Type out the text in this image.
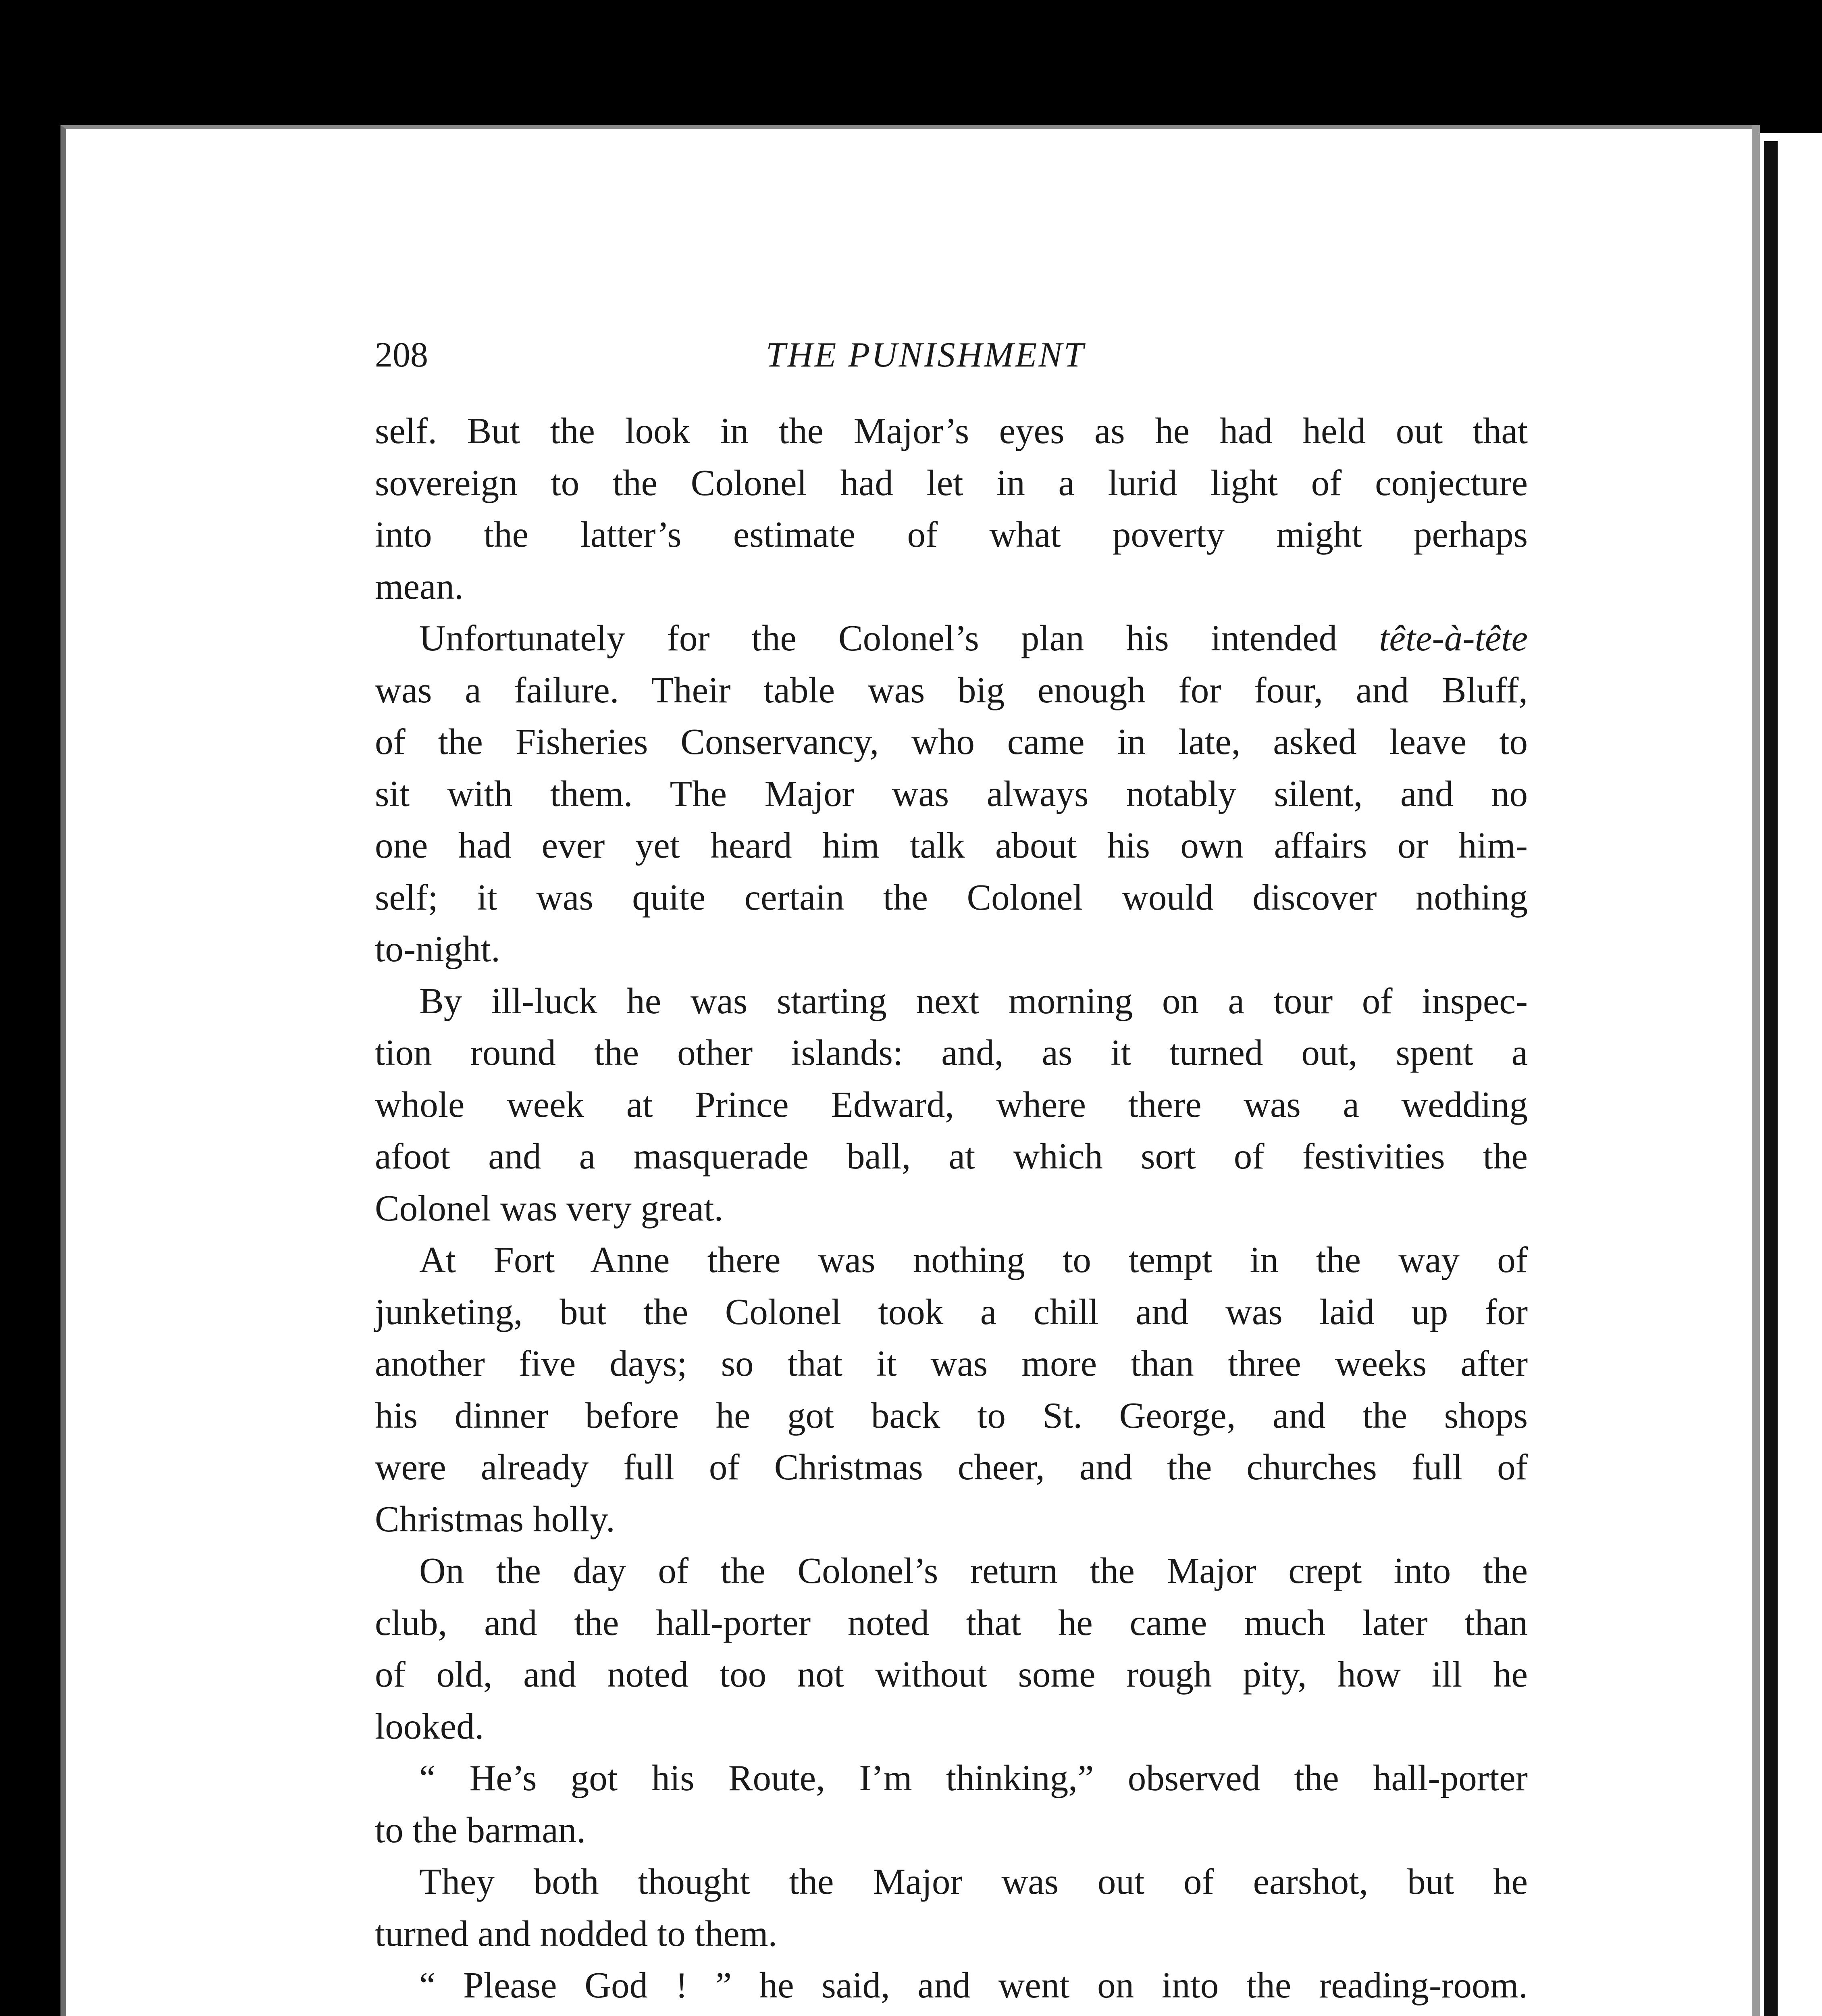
208	THE PUNISHMENT
self. But the look in the Major’s eyes as he had held out that
sovereign to the Colonel had let in a lurid light of conjecture
into the latter’s estimate of what poverty might perhaps
mean.
Unfortunately for the Colonel’s plan his intended tête-à-tête
was a failure. Their table was big enough for four, and Bluff,
of the Fisheries Conservancy, who came in late, asked leave to
sit with them. The Major was always notably silent, and no
one had ever yet heard him talk about his own affairs or him-
self; it was quite certain the Colonel would discover nothing
to-night.
By ill-luck he was starting next morning on a tour of inspec-
tion round the other islands: and, as it turned out, spent a
whole week at Prince Edward, where there was a wedding
afoot and a masquerade ball, at which sort of festivities the
Colonel was very great.
At Fort Anne there was nothing to tempt in the way of
junketing, but the Colonel took a chill and was laid up for
another five days; so that it was more than three weeks after
his dinner before he got back to St. George, and the shops
were already full of Christmas cheer, and the churches full of
Christmas holly.
On the day of the Colonel’s return the Major crept into the
club, and the hall-porter noted that he came much later than
of old, and noted too not without some rough pity, how ill he
looked.
“ He’s got his Route, I’m thinking,” observed the hall-porter
to the barman.
They both thought the Major was out of earshot, but he
turned and nodded to them.
“ Please God ! ” he said, and went on into the reading-room.
